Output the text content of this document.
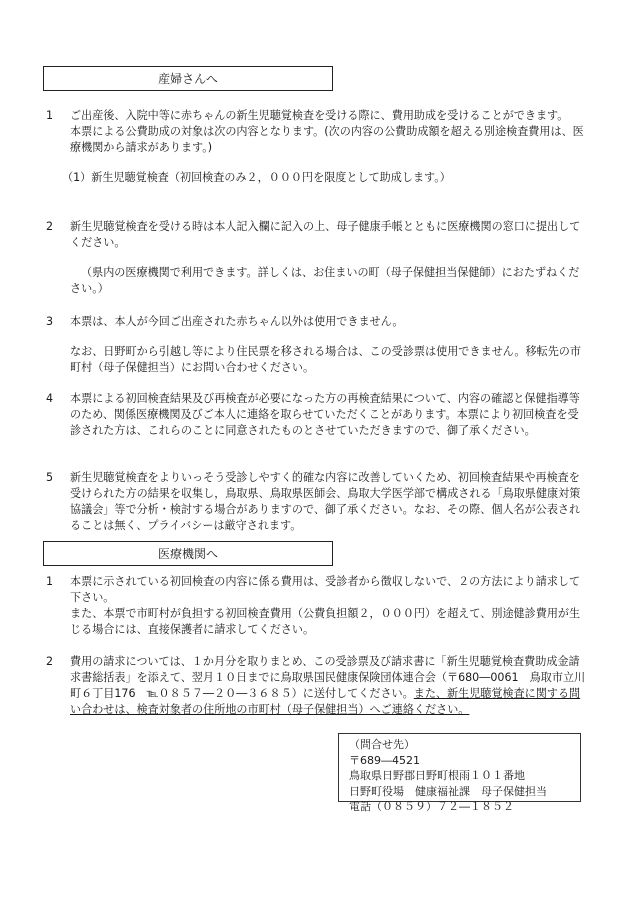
産婦さんへ
1	ご出産後、入院中等に赤ちゃんの新生児聴覚検査を受ける際に、費用助成を受けることができます。

本票による公費助成の対象は次の内容となります。(次の内容の公費助成額を超える別途検査費用は、医療機関から請求があります。)

（1）新生児聴覚検査（初回検査のみ２，０００円を限度として助成します。）

2	新生児聴覚検査を受ける時は本人記入欄に記入の上、母子健康手帳とともに医療機関の窓口に提出してください。

（県内の医療機関で利用できます。詳しくは、お住まいの町（母子保健担当保健師）におたずねください。）

3	本票は、本人が今回ご出産された赤ちゃん以外は使用できません。

なお、日野町から引越し等により住民票を移される場合は、この受診票は使用できません。移転先の市町村（母子保健担当）にお問い合わせください。

4	本票による初回検査結果及び再検査が必要になった方の再検査結果について、内容の確認と保健指導等のため、関係医療機関及びご本人に連絡を取らせていただくことがあります。本票により初回検査を受診された方は、これらのことに同意されたものとさせていただきますので、御了承ください。

5	新生児聴覚検査をよりいっそう受診しやすく的確な内容に改善していくため、初回検査結果や再検査を受けられた方の結果を収集し，鳥取県、鳥取県医師会、鳥取大学医学部で構成される「鳥取県健康対策協議会」等で分析・検討する場合がありますので、御了承ください。なお、その際、個人名が公表されることは無く、プライバシーは厳守されます。

医療機関へ
1	本票に示されている初回検査の内容に係る費用は、受診者から徴収しないで、２の方法により請求して下さい。

また、本票で市町村が負担する初回検査費用（公費負担額２，０００円）を超えて、別途健診費用が生じる場合には、直接保護者に請求してください。

2	費用の請求については、１か月分を取りまとめ、この受診票及び請求書に「新生児聴覚検査費助成金請求書総括表」を添えて、翌月１０日までに鳥取県国民健康保険団体連合会（〒680―0061　鳥取市立川町６丁目176　℡０８５７―２０―３６８５）に送付してください。また、新生児聴覚検査に関する問い合わせは、検査対象者の住所地の市町村（母子保健担当）へご連絡ください。

（問合せ先）
〒689―4521
鳥取県日野郡日野町根雨１０１番地
日野町役場　健康福祉課　母子保健担当
電話（０８５９）７２―１８５２
